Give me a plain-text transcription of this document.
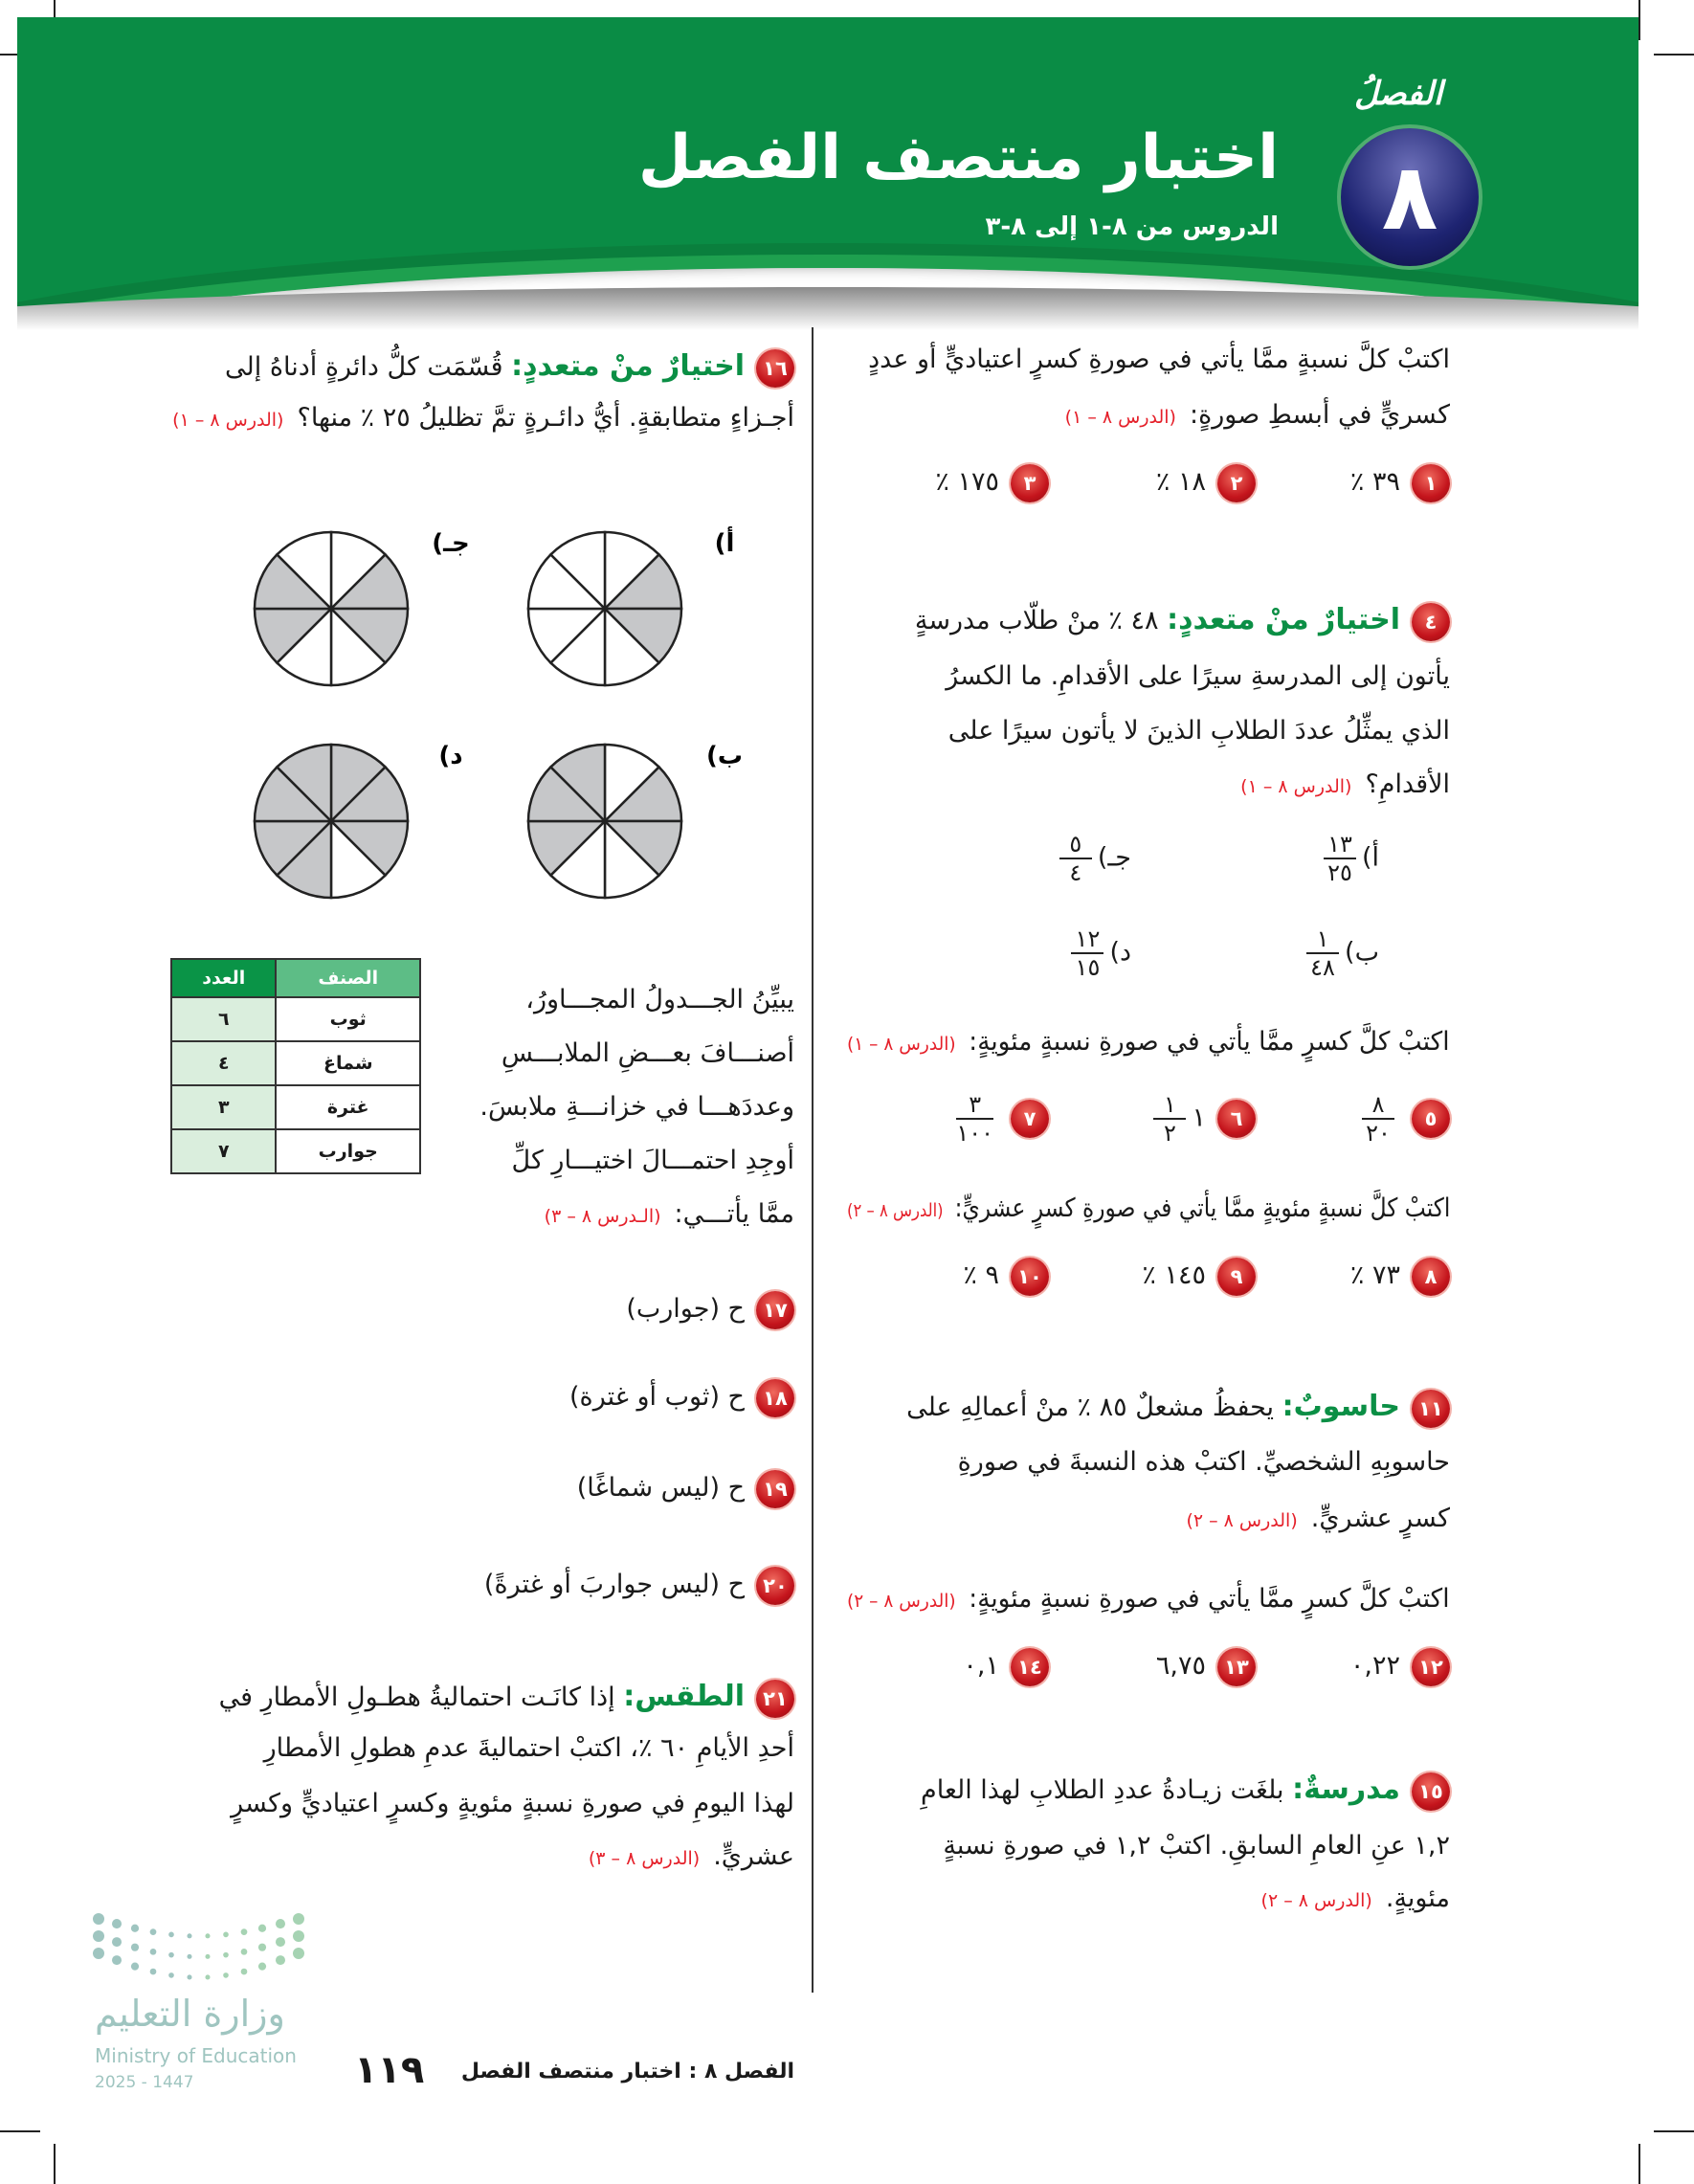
الفصلُ
٨
اختبار منتصف الفصل
الدروس من ٨-١ إلى ٨-٣
اكتبْ كلَّ نسبةٍ ممَّا يأتي في صورةِ كسرٍ اعتياديٍّ أو عددٍ
كسريٍّ في أبسطِ صورةٍ:(الدرس ٨ – ١)
١٣٩ ٪
٢١٨ ٪
٣١٧٥ ٪
٤اختيارٌ منْ متعددٍ: ٤٨ ٪ منْ طلّاب مدرسةٍ
يأتون إلى المدرسةِ سيرًا على الأقدامِ. ما الكسرُ
الذي يمثِّلُ عددَ الطلابِ الذينَ لا يأتون سيرًا على
الأقدامِ؟(الدرس ٨ – ١)
أ)
١٣
٢٥
ب)
١
٤٨
جـ)
٥
٤
د)
١٢
١٥
اكتبْ كلَّ كسرٍ ممَّا يأتي في صورةِ نسبةٍ مئويةٍ:(الدرس ٨ – ١)
٥
٨
٢٠
٦١
١
٢
٧
٣
١٠٠
اكتبْ كلَّ نسبةٍ مئويةٍ ممَّا يأتي في صورةِ كسرٍ عشريٍّ:(الدرس ٨ – ٢)
٨٧٣ ٪
٩١٤٥ ٪
١٠٩ ٪
١١حاسوبٌ: يحفظُ مشعلٌ ٨٥ ٪ منْ أعمالِهِ على
حاسوبِهِ الشخصيِّ. اكتبْ هذه النسبةَ في صورةِ
كسرٍ عشريٍّ.(الدرس ٨ – ٢)
اكتبْ كلَّ كسرٍ ممَّا يأتي في صورةِ نسبةٍ مئويةٍ:(الدرس ٨ – ٢)
١٢٠,٢٢
١٣٦,٧٥
١٤٠,١
١٥مدرسةٌ: بلغَت زيـادةُ عددِ الطلابِ لهذا العامِ
١,٢ عنِ العامِ السابقِ. اكتبْ ١,٢ في صورةِ نسبةٍ
مئويةٍ.(الدرس ٨ – ٢)
١٦اختيارٌ منْ متعددٍ: قُسّمَت كلُّ دائرةٍ أدناهُ إلى
أجـزاءٍ متطابقةٍ. أيُّ دائـرةٍ تمَّ تظليلُ ٢٥ ٪ منها؟(الدرس ٨ – ١)
يبيِّنُ الجـــدولُ المجـــاورُ،
أصنـــافَ بعـــضِ الملابـــسِ
وعددَهـــا في خزانـــةِ ملابسَ.
أوجِدِ احتمـــالَ اختيـــارِ كلِّ
ممَّا يأتـــي:(الـدرس ٨ – ٣)
١٧ح (جوارب)
١٨ح (ثوب أو غترة)
١٩ح (ليس شماغًا)
٢٠ح (ليس جواربَ أو غترةً)
٢١الطقس: إذا كانَـت احتماليةُ هطـولِ الأمطارِ في
أحدِ الأيامِ ٦٠ ٪، اكتبْ احتماليةَ عدمِ هطولِ الأمطارِ
لهذا اليومِ في صورةِ نسبةٍ مئويةٍ وكسرٍ اعتياديٍّ وكسرٍ
عشريٍّ.(الدرس ٨ – ٣)
الصنف	العدد
ثوب	٦
شماغ	٤
غترة	٣
جوارب	٧
أ)
ب)
جـ)
د)
وزارة التعليم
Ministry of Education
2025 - 1447	الفصل ٨ : اختبار منتصف الفصل
١١٩
